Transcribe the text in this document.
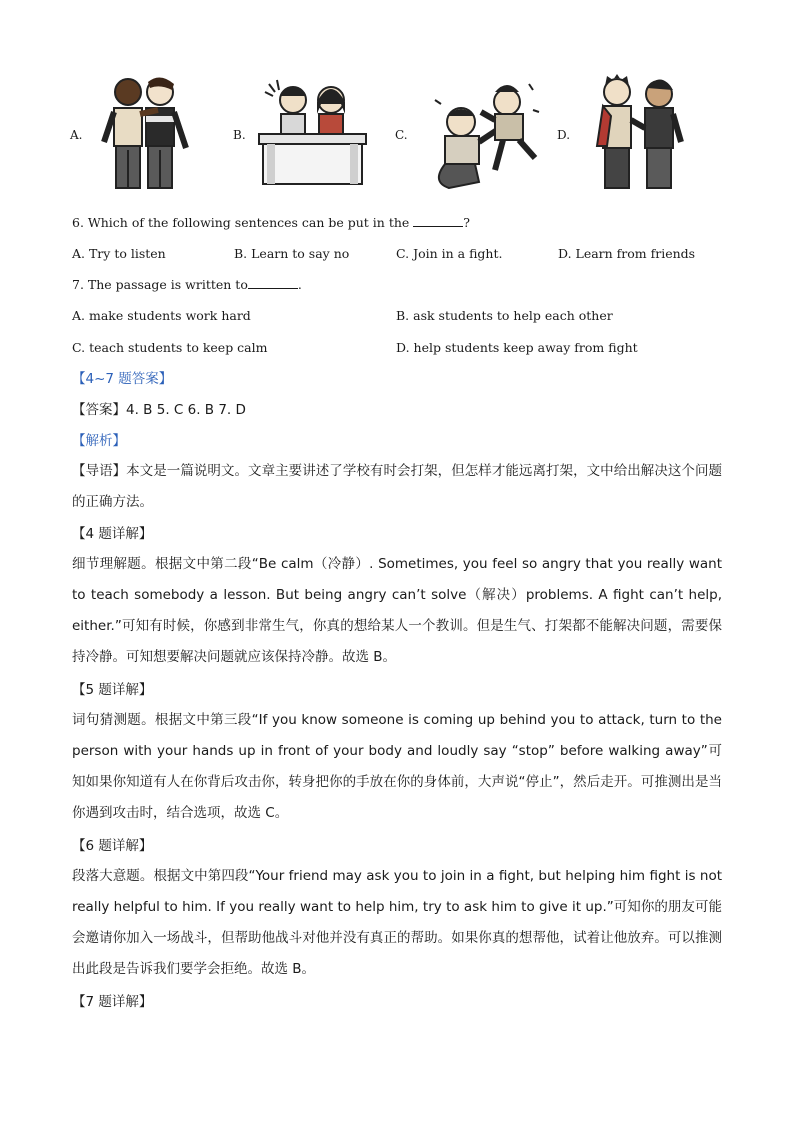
A.	B.	C.	D.
6. Which of the following sentences can be put in the	?
A. Try to listen	B. Learn to say no	C. Join in a fight.	D. Learn from friends
7. The passage is written to	.
A. make students work hard	B. ask students to help each other
C. teach students to keep calm	D. help students keep away from fight
【4~7 题答案】
【答案】4. B 5. C 6. B 7. D
【解析】
【导语】本文是一篇说明文。文章主要讲述了学校有时会打架，但怎样才能远离打架，文中给出解决这个问题的正确方法。
【4 题详解】
细节理解题。根据文中第二段“Be calm（冷静）. Sometimes, you feel so angry that you really want to teach somebody a lesson. But being angry can’t solve（解决）problems. A fight can’t help, either.”可知有时候，你感到非常生气，你真的想给某人一个教训。但是生气、打架都不能解决问题，需要保持冷静。可知想要解决问题就应该保持冷静。故选 B。
【5 题详解】
词句猜测题。根据文中第三段“If you know someone is coming up behind you to attack, turn to the person with your hands up in front of your body and loudly say “stop” before walking away”可知如果你知道有人在你背后攻击你，转身把你的手放在你的身体前，大声说“停止”，然后走开。可推测出是当你遇到攻击时，结合选项，故选 C。
【6 题详解】
段落大意题。根据文中第四段“Your friend may ask you to join in a fight, but helping him fight is not really helpful to him. If you really want to help him, try to ask him to give it up.”可知你的朋友可能会邀请你加入一场战斗，但帮助他战斗对他并没有真正的帮助。如果你真的想帮他，试着让他放弃。可以推测出此段是告诉我们要学会拒绝。故选 B。
【7 题详解】
